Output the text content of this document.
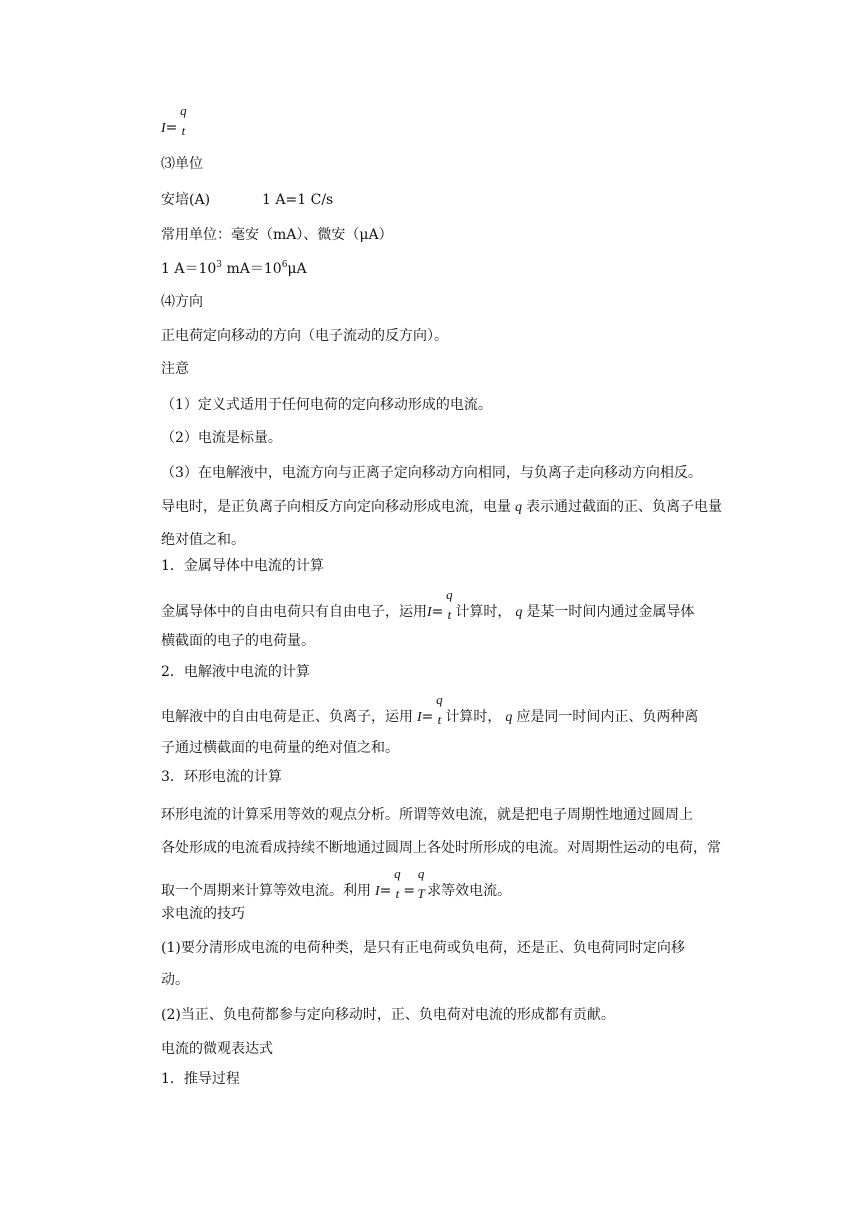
I=
q
t
⑶单位
安培(A)	1 A=1 C/s
常用单位：毫安（mA）、微安（μA）
1 $A=10^3$ $mA=10^6\mu A$
⑷方向
正电荷定向移动的方向（电子流动的反方向）。
注意
（1）定义式适用于任何电荷的定向移动形成的电流。
（2）电流是标量。
（3）在电解液中，电流方向与正离子定向移动方向相同，与负离子走向移动方向相反。
导电时，是正负离子向相反方向定向移动形成电流，电量 q 表示通过截面的正、负离子电量
绝对值之和。
1．金属导体中电流的计算
金属导体中的自由电荷只有自由电子，运用I=
q
t 计算时， q 是某一时间内通过金属导体
横截面的电子的电荷量。
2．电解液中电流的计算
电解液中的自由电荷是正、负离子，运用 I=
q
t 计算时， q 应是同一时间内正、负两种离
子通过横截面的电荷量的绝对值之和。
3．环形电流的计算
环形电流的计算采用等效的观点分析。所谓等效电流，就是把电子周期性地通过圆周上
各处形成的电流看成持续不断地通过圆周上各处时所形成的电流。对周期性运动的电荷，常
取一个周期来计算等效电流。利用 I=
q
t =
q
T 求等效电流。
求电流的技巧
(1)要分清形成电流的电荷种类，是只有正电荷或负电荷，还是正、负电荷同时定向移
动。
(2)当正、负电荷都参与定向移动时，正、负电荷对电流的形成都有贡献。
电流的微观表达式
1．推导过程
